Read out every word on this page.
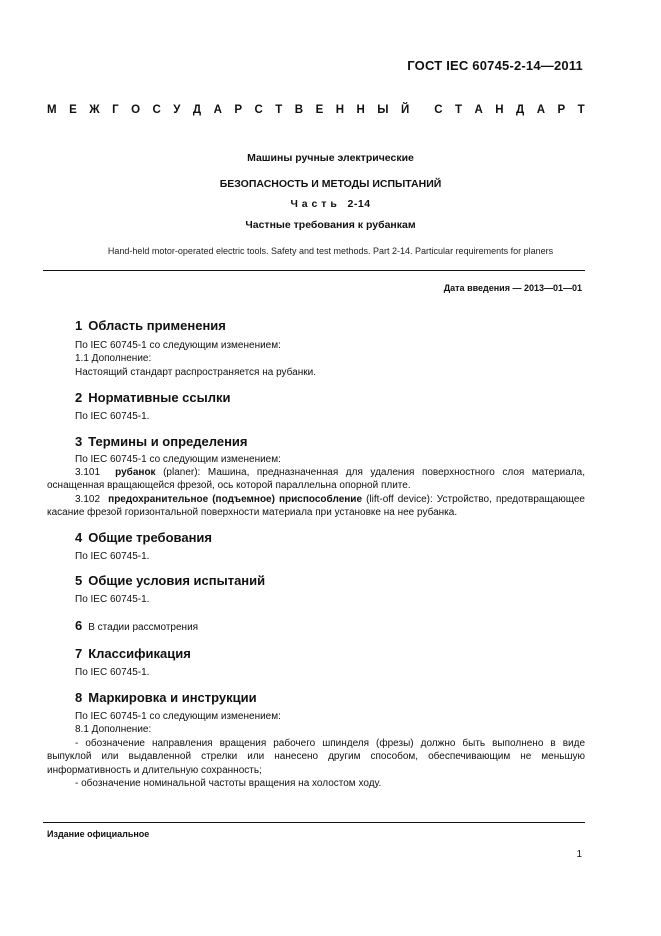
ГОСТ IEC 60745-2-14—2011
М Е Ж Г О С У Д А Р С Т В Е Н Н Ы Й С Т А Н Д А Р Т
Машины ручные электрические
БЕЗОПАСНОСТЬ И МЕТОДЫ ИСПЫТАНИЙ
Ч а с т ь   2-14
Частные требования к рубанкам
Hand-held motor-operated electric tools. Safety and test methods. Part 2-14. Particular requirements for planers
Дата введения — 2013—01—01
1 Область применения

По IEC 60745-1 со следующим изменением:

1.1 Дополнение:

Настоящий стандарт распространяется на рубанки.

2 Нормативные ссылки

По IEC 60745-1.

3 Термины и определения

По IEC 60745-1 со следующим изменением:

3.101 рубанок (planer): Машина, предназначенная для удаления поверхностного слоя материала, оснащенная вращающейся фрезой, ось которой параллельна опорной плите.

3.102 предохранительное (подъемное) приспособление (lift-off device): Устройство, предотвращающее касание фрезой горизонтальной поверхности материала при установке на нее рубанка.

4 Общие требования

По IEC 60745-1.

5 Общие условия испытаний

По IEC 60745-1.

6 В стадии рассмотрения
7 Классификация

По IEC 60745-1.

8 Маркировка и инструкции

По IEC 60745-1 со следующим изменением:

8.1 Дополнение:

- обозначение направления вращения рабочего шпинделя (фрезы) должно быть выполнено в виде выпуклой или выдавленной стрелки или нанесено другим способом, обеспечивающим не меньшую информативность и длительную сохранность;

- обозначение номинальной частоты вращения на холостом ходу.

Издание официальное
1
